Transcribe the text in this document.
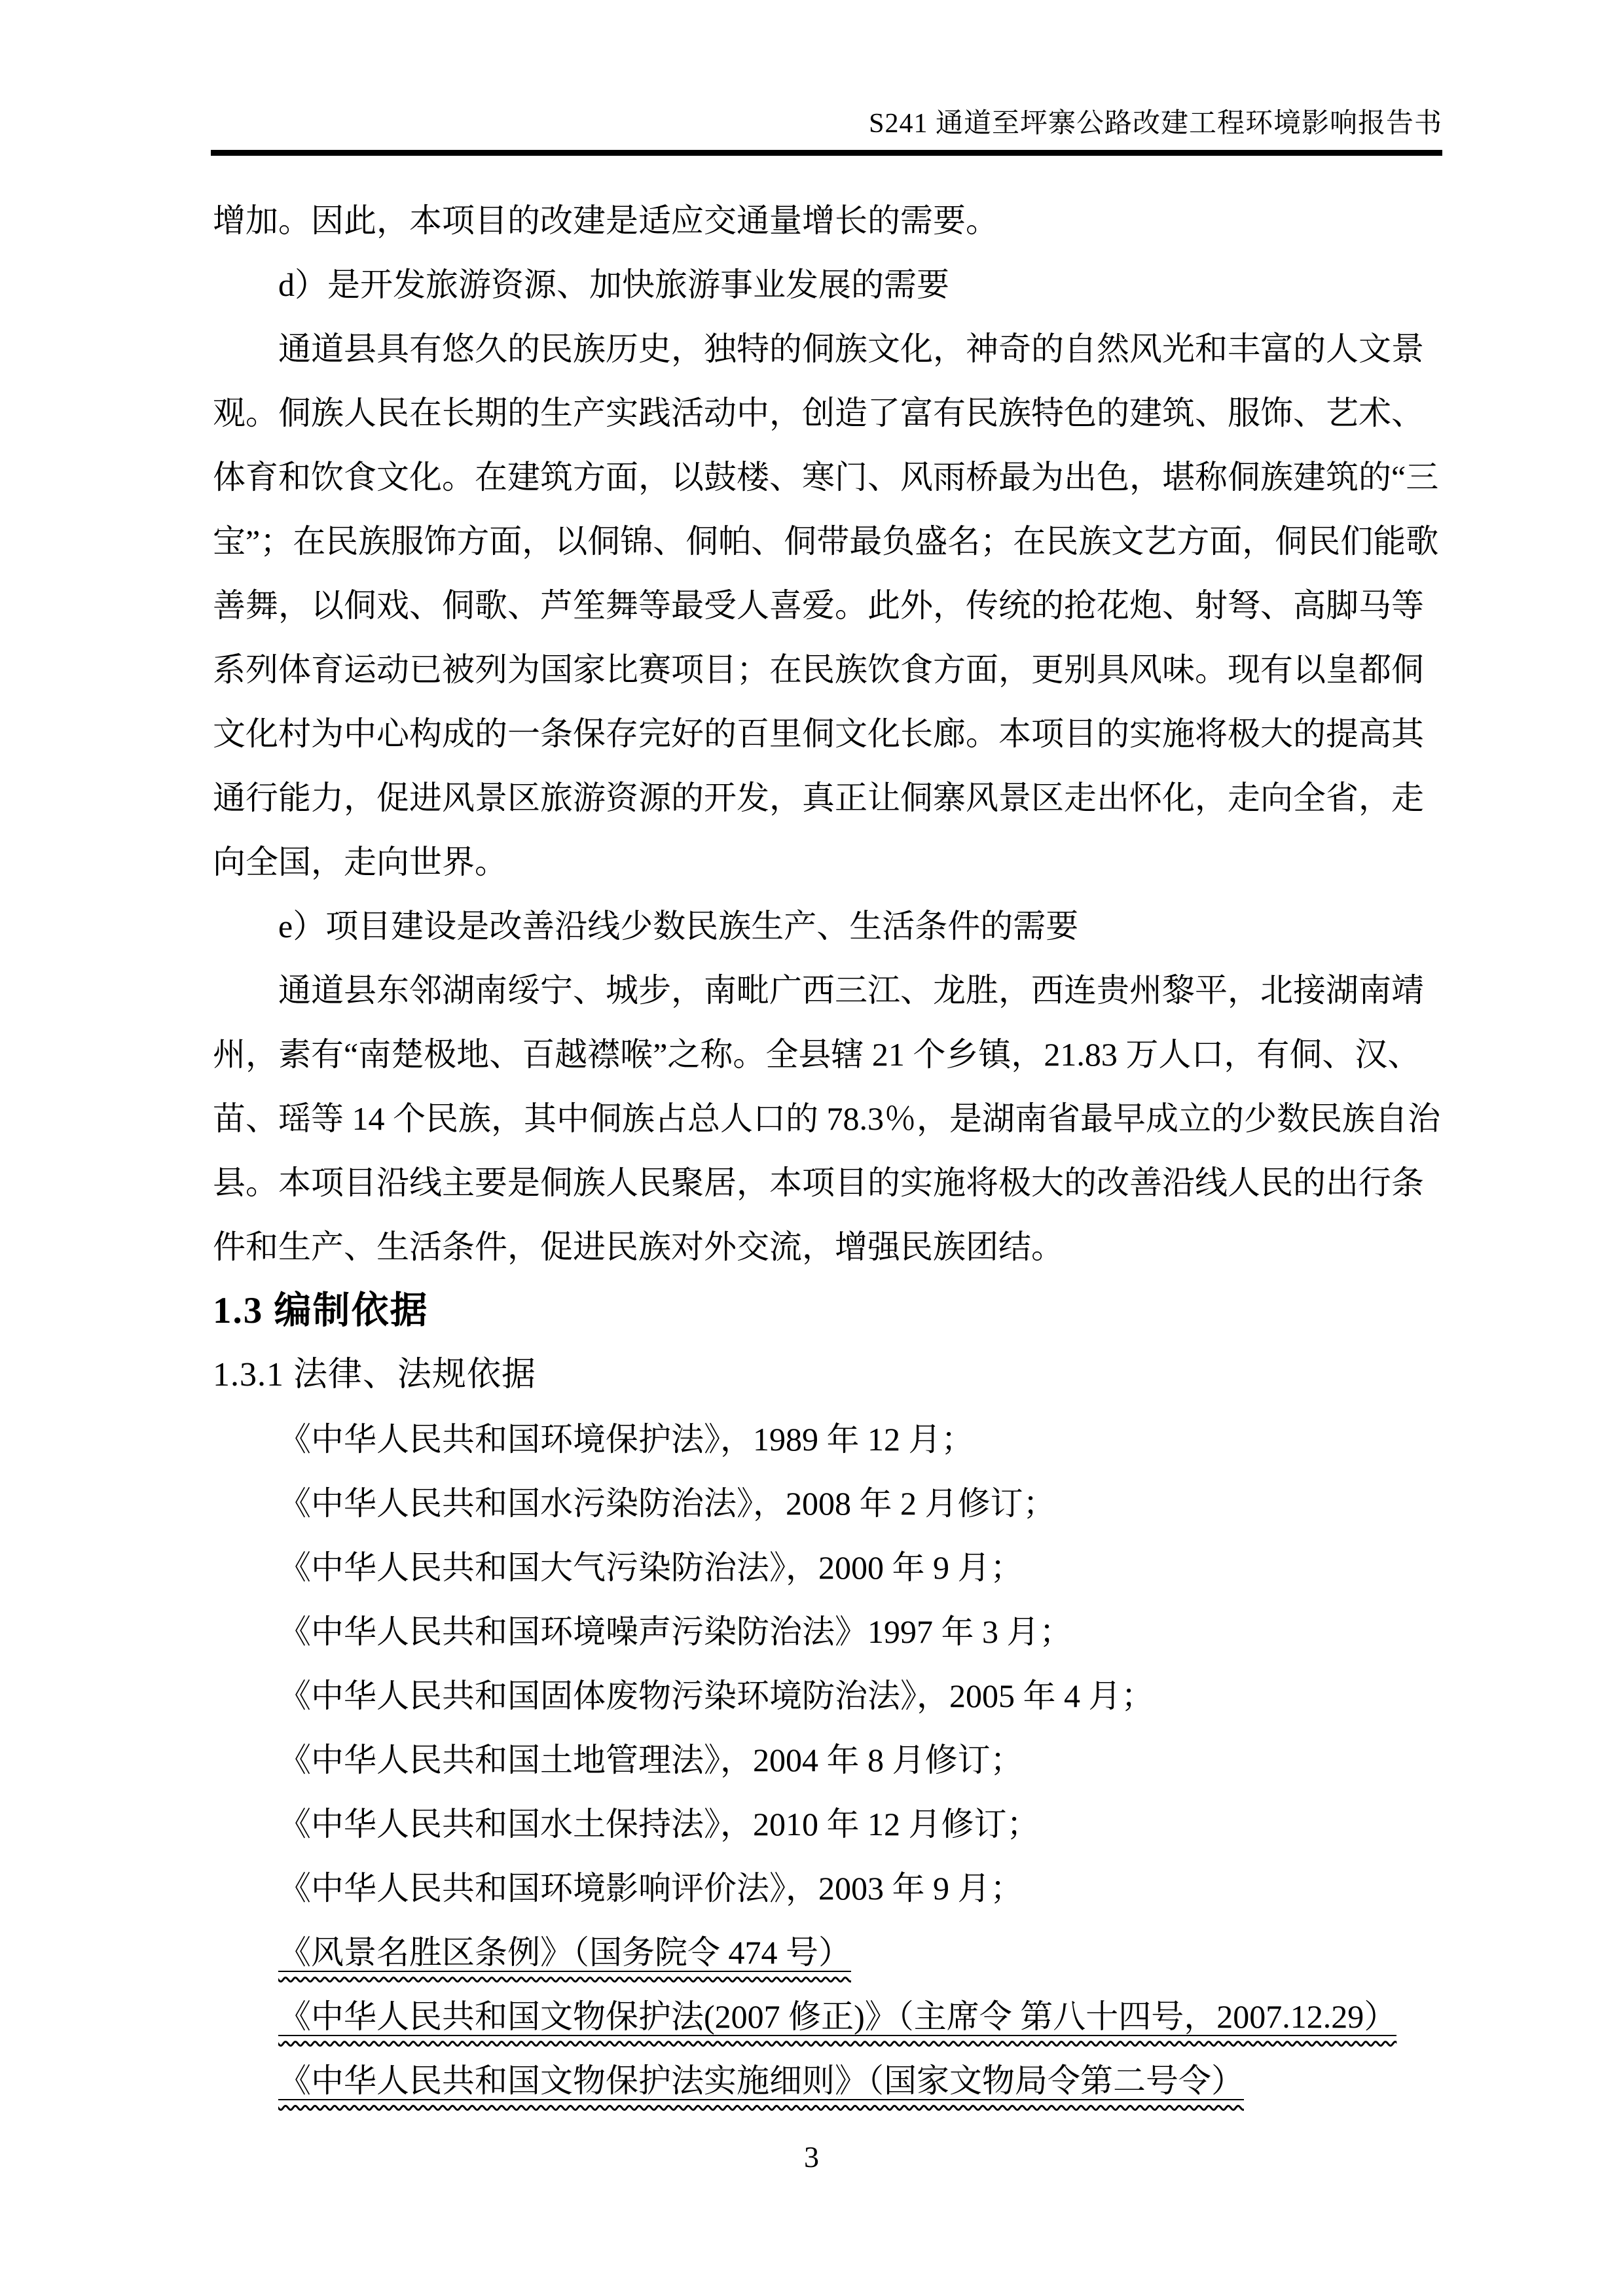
S241 通道至坪寨公路改建工程环境影响报告书

增加。因此，本项目的改建是适应交通量增长的需要。

d）是开发旅游资源、加快旅游事业发展的需要

通道县具有悠久的民族历史，独特的侗族文化，神奇的自然风光和丰富的人文景

观。侗族人民在长期的生产实践活动中，创造了富有民族特色的建筑、服饰、艺术、

体育和饮食文化。在建筑方面，以鼓楼、寒门、风雨桥最为出色，堪称侗族建筑的“三

宝”；在民族服饰方面，以侗锦、侗帕、侗带最负盛名；在民族文艺方面，侗民们能歌

善舞，以侗戏、侗歌、芦笙舞等最受人喜爱。此外，传统的抢花炮、射弩、高脚马等

系列体育运动已被列为国家比赛项目；在民族饮食方面，更别具风味。现有以皇都侗

文化村为中心构成的一条保存完好的百里侗文化长廊。本项目的实施将极大的提高其

通行能力，促进风景区旅游资源的开发，真正让侗寨风景区走出怀化，走向全省，走

向全国，走向世界。

e）项目建设是改善沿线少数民族生产、生活条件的需要

通道县东邻湖南绥宁、城步，南毗广西三江、龙胜，西连贵州黎平，北接湖南靖

州，素有“南楚极地、百越襟喉”之称。全县辖 21 个乡镇，21.83 万人口，有侗、汉、

苗、瑶等 14 个民族，其中侗族占总人口的 78.3％，是湖南省最早成立的少数民族自治

县。本项目沿线主要是侗族人民聚居，本项目的实施将极大的改善沿线人民的出行条

件和生产、生活条件，促进民族对外交流，增强民族团结。

1.3 编制依据

1.3.1 法律、法规依据

《中华人民共和国环境保护法》，1989 年 12 月；

《中华人民共和国水污染防治法》，2008 年 2 月修订；

《中华人民共和国大气污染防治法》，2000 年 9 月；

《中华人民共和国环境噪声污染防治法》1997 年 3 月；

《中华人民共和国固体废物污染环境防治法》，2005 年 4 月；

《中华人民共和国土地管理法》，2004 年 8 月修订；

《中华人民共和国水土保持法》，2010 年 12 月修订；

《中华人民共和国环境影响评价法》，2003 年 9 月；

《风景名胜区条例》（国务院令 474 号）

《中华人民共和国文物保护法(2007 修正)》（主席令 第八十四号，2007.12.29）

《中华人民共和国文物保护法实施细则》（国家文物局令第二号令）

3
